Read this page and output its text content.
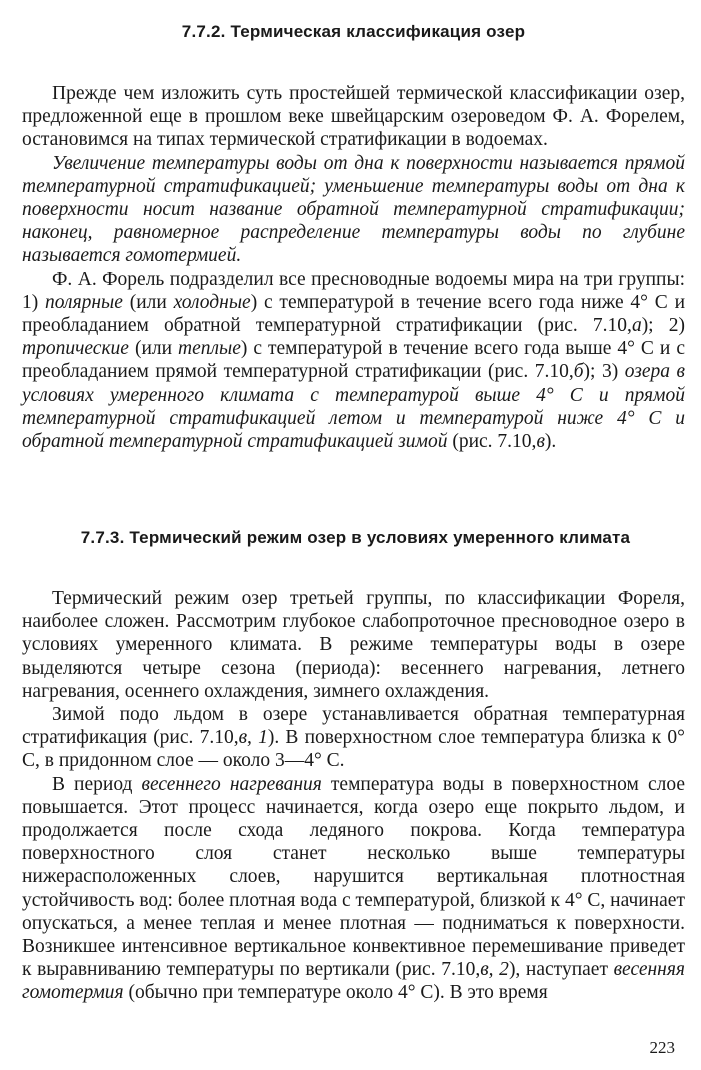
7.7.2. Термическая классификация озер

Прежде чем изложить суть простейшей термической классификации озер, предложенной еще в прошлом веке швейцарским озероведом Ф. А. Форелем, остановимся на типах термической стратификации в водоемах.

Увеличение температуры воды от дна к поверхности называется прямой температурной стратификацией; уменьшение температуры воды от дна к поверхности носит название обратной температурной стратификации; наконец, равномерное распределение температуры воды по глубине называется гомотермией.

Ф. А. Форель подразделил все пресноводные водоемы мира на три группы: 1) полярные (или холодные) с температурой в течение всего года ниже 4° С и преобладанием обратной температурной стратификации (рис. 7.10,а); 2) тропические (или теплые) с температурой в течение всего года выше 4° С и с преобладанием прямой температурной стратификации (рис. 7.10,б); 3) озера в условиях умеренного климата с температурой выше 4° С и прямой температурной стратификацией летом и температурой ниже 4° С и обратной температурной стратификацией зимой (рис. 7.10,в).

7.7.3. Термический режим озер в условиях умеренного климата

Термический режим озер третьей группы, по классификации Фореля, наиболее сложен. Рассмотрим глубокое слабопроточное пресноводное озеро в условиях умеренного климата. В режиме температуры воды в озере выделяются четыре сезона (периода): весеннего нагревания, летнего нагревания, осеннего охлаждения, зимнего охлаждения.

Зимой подо льдом в озере устанавливается обратная температурная стратификация (рис. 7.10,в, 1). В поверхностном слое температура близка к 0° С, в придонном слое — около 3—4° С.

В период весеннего нагревания температура воды в поверхностном слое повышается. Этот процесс начинается, когда озеро еще покрыто льдом, и продолжается после схода ледяного покрова. Когда температура поверхностного слоя станет несколько выше температуры нижерасположенных слоев, нарушится вертикальная плотностная устойчивость вод: более плотная вода с температурой, близкой к 4° С, начинает опускаться, а менее теплая и менее плотная — подниматься к поверхности. Возникшее интенсивное вертикальное конвективное перемешивание приведет к выравниванию температуры по вертикали (рис. 7.10,в, 2), наступает весенняя гомотермия (обычно при температуре около 4° С). В это время

223
